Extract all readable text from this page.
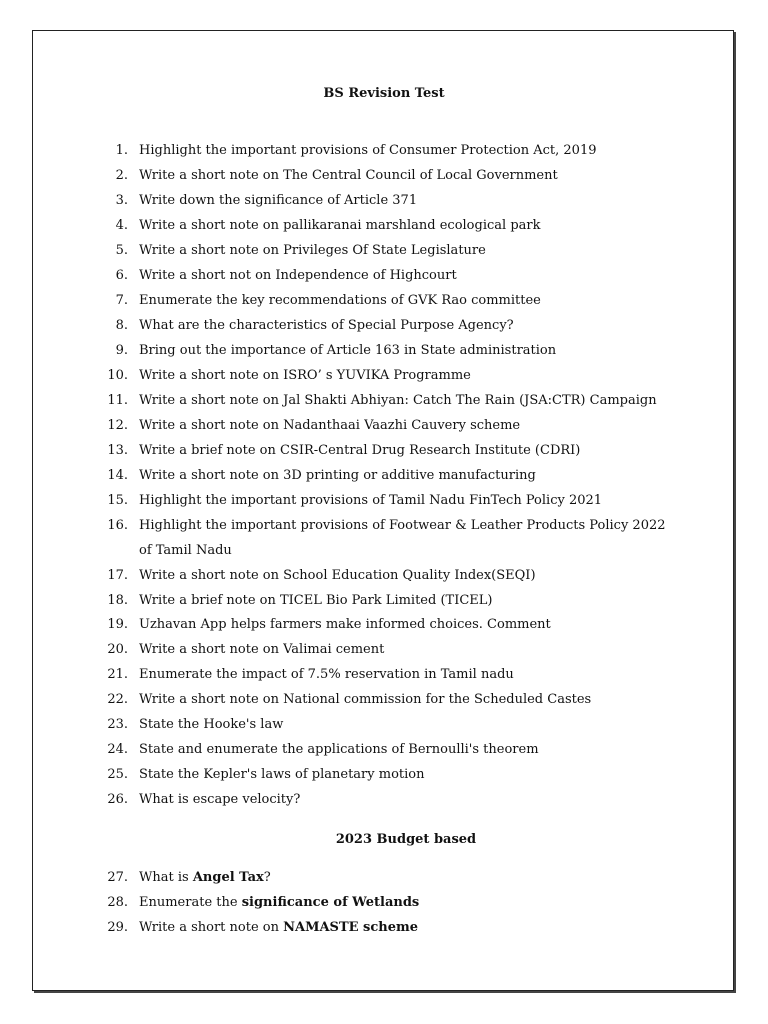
BS Revision Test
1. Highlight the important provisions of Consumer Protection Act, 2019
2. Write a short note on The Central Council of Local Government
3. Write down the significance of Article 371
4. Write a short note on pallikaranai marshland ecological park
5. Write a short note on Privileges Of State Legislature
6. Write a short not on Independence of Highcourt
7. Enumerate the key recommendations of GVK Rao committee
8. What are the characteristics of Special Purpose Agency?
9. Bring out the importance of Article 163 in State administration
10. Write a short note on ISRO’ s YUVIKA Programme
11. Write a short note on Jal Shakti Abhiyan: Catch The Rain (JSA:CTR) Campaign
12. Write a short note on Nadanthaai Vaazhi Cauvery scheme
13. Write a brief note on CSIR-Central Drug Research Institute (CDRI)
14. Write a short note on 3D printing or additive manufacturing
15. Highlight the important provisions of Tamil Nadu FinTech Policy 2021
16. Highlight the important provisions of Footwear & Leather Products Policy 2022 of Tamil Nadu
17. Write a short note on School Education Quality Index(SEQI)
18. Write a brief note on TICEL Bio Park Limited (TICEL)
19. Uzhavan App helps farmers make informed choices. Comment
20. Write a short note on Valimai cement
21. Enumerate the impact of 7.5% reservation in Tamil nadu
22. Write a short note on National commission for the Scheduled Castes
23. State the Hooke's law
24. State and enumerate the applications of Bernoulli's theorem
25. State the Kepler's laws of planetary motion
26. What is escape velocity?
2023 Budget based
27. What is Angel Tax?
28. Enumerate the significance of Wetlands
29. Write a short note on NAMASTE scheme
